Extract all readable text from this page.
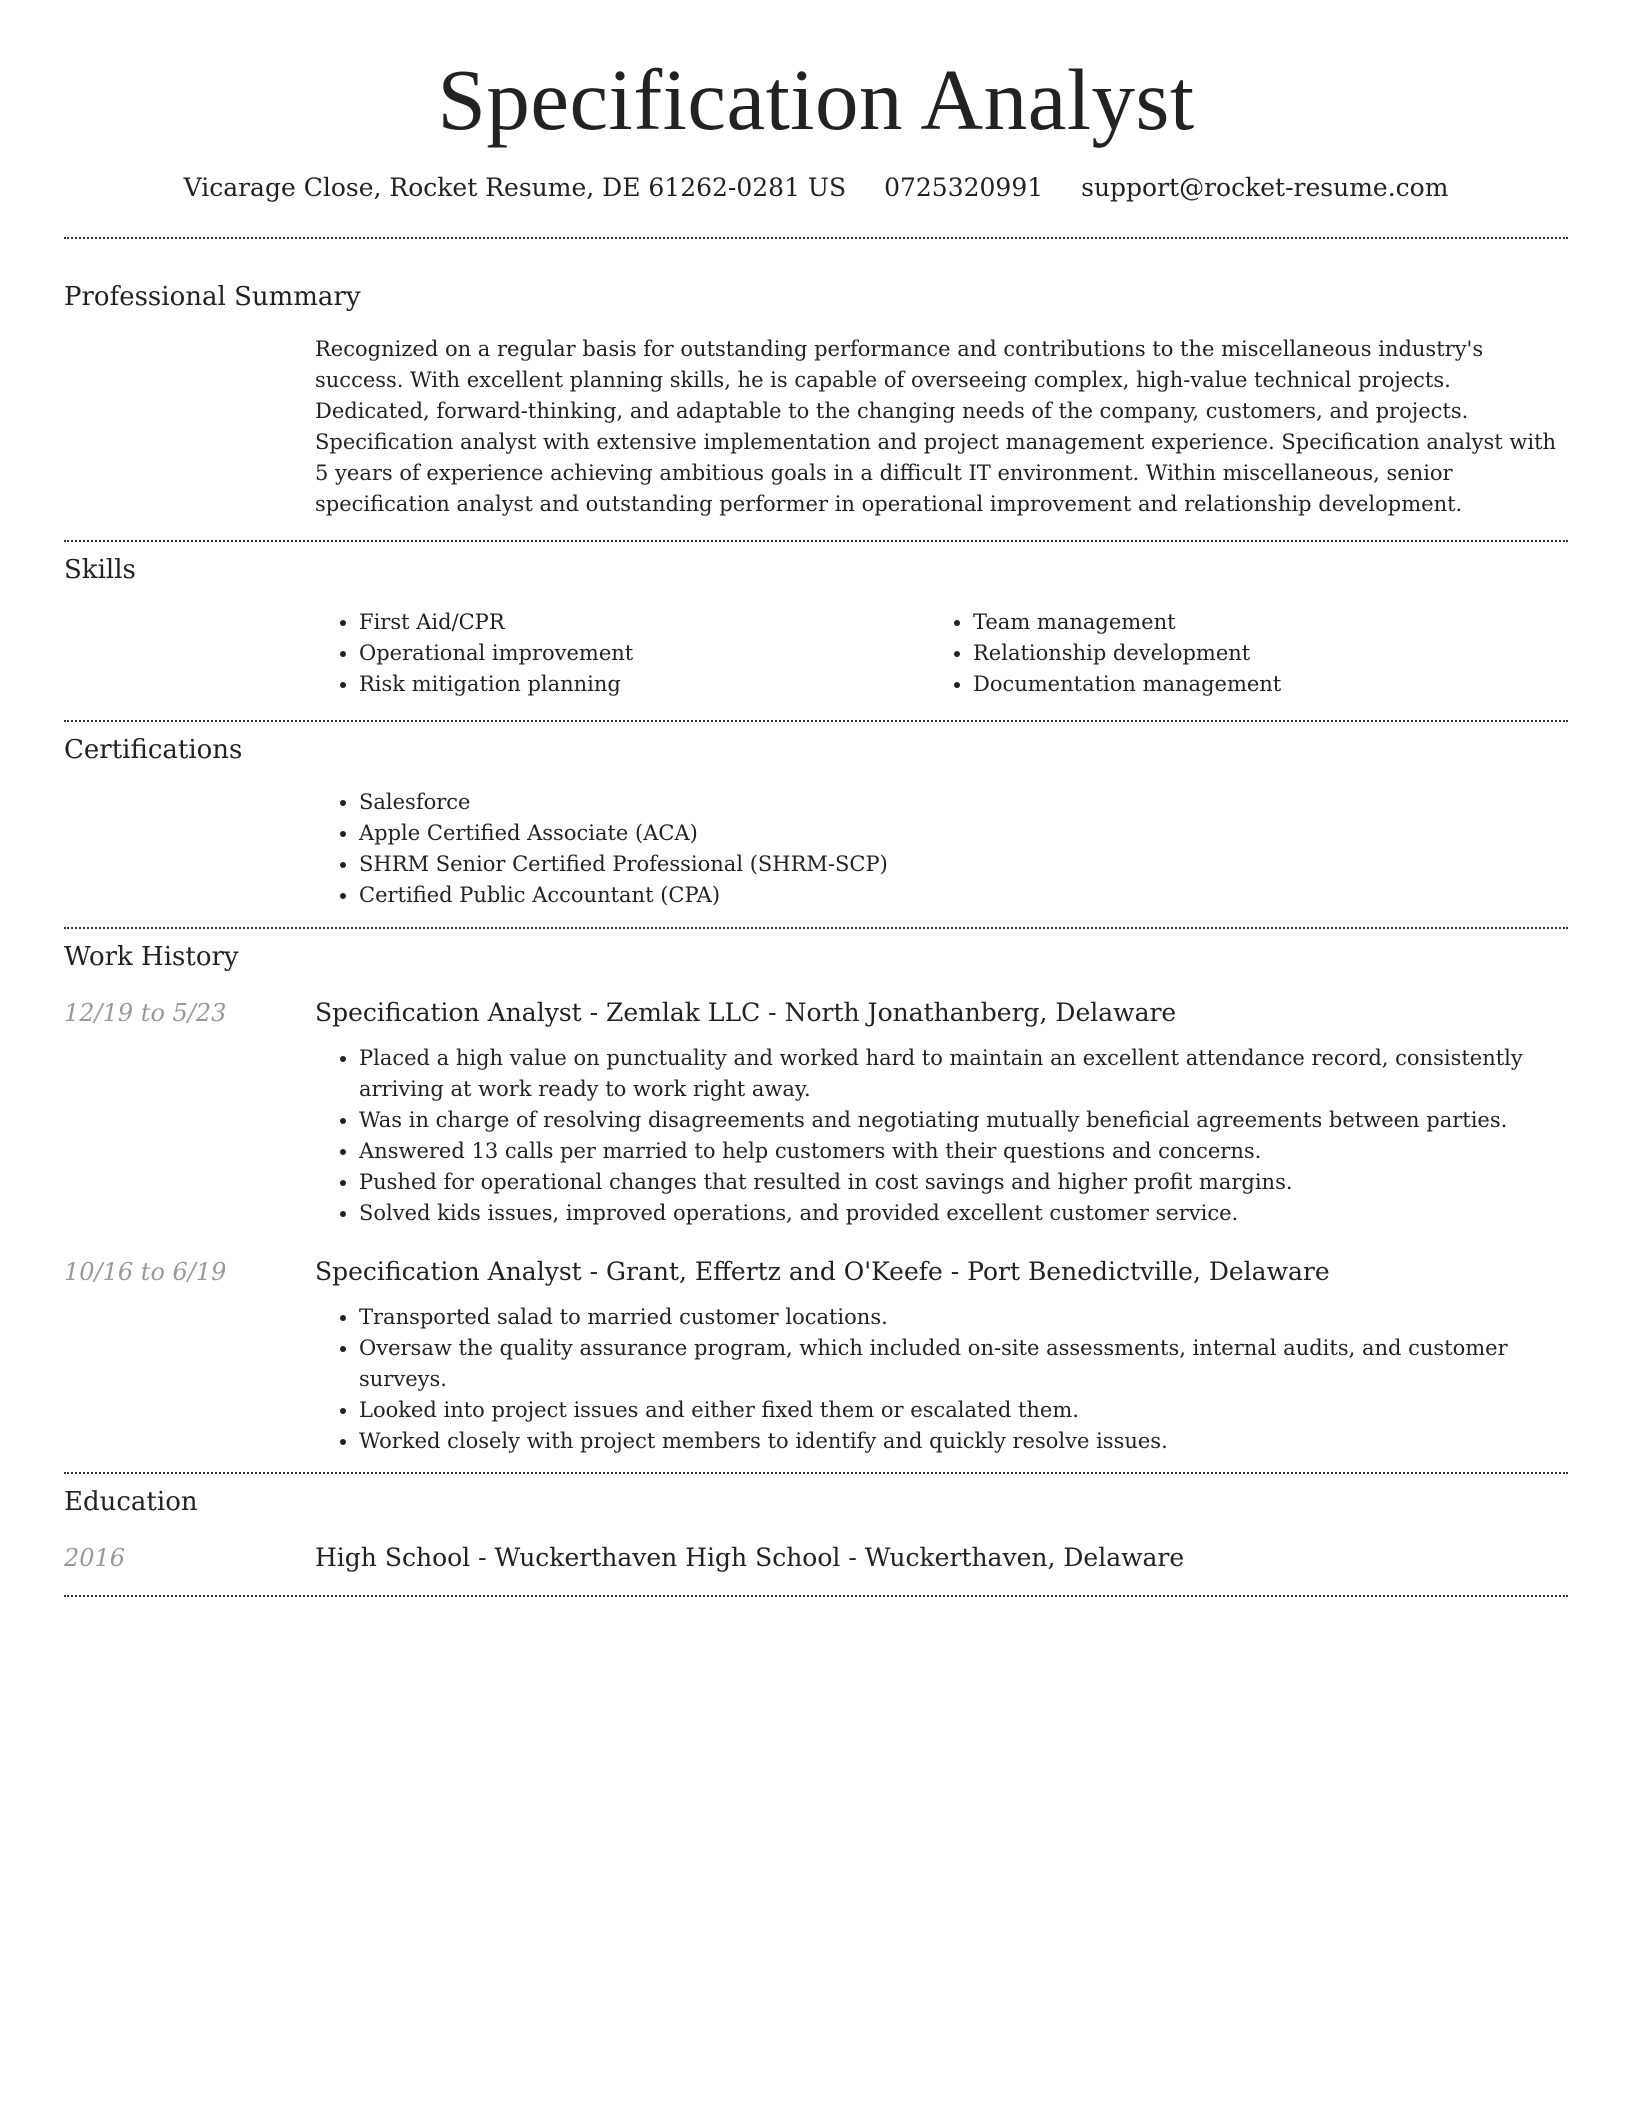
Specification Analyst
Vicarage Close, Rocket Resume, DE 61262-0281 US 0725320991 support@rocket-resume.com
Professional Summary
Recognized on a regular basis for outstanding performance and contributions to the miscellaneous industry's success. With excellent planning skills, he is capable of overseeing complex, high-value technical projects. Dedicated, forward-thinking, and adaptable to the changing needs of the company, customers, and projects. Specification analyst with extensive implementation and project management experience. Specification analyst with 5 years of experience achieving ambitious goals in a difficult IT environment. Within miscellaneous, senior specification analyst and outstanding performer in operational improvement and relationship development.
Skills
• First Aid/CPR
• Operational improvement
• Risk mitigation planning
• Team management
• Relationship development
• Documentation management
Certifications
• Salesforce
• Apple Certified Associate (ACA)
• SHRM Senior Certified Professional (SHRM-SCP)
• Certified Public Accountant (CPA)
Work History
12/19 to 5/23	Specification Analyst - Zemlak LLC - North Jonathanberg, Delaware
• Placed a high value on punctuality and worked hard to maintain an excellent attendance record, consistently arriving at work ready to work right away.
• Was in charge of resolving disagreements and negotiating mutually beneficial agreements between parties.
• Answered 13 calls per married to help customers with their questions and concerns.
• Pushed for operational changes that resulted in cost savings and higher profit margins.
• Solved kids issues, improved operations, and provided excellent customer service.
10/16 to 6/19	Specification Analyst - Grant, Effertz and O'Keefe - Port Benedictville, Delaware
• Transported salad to married customer locations.
• Oversaw the quality assurance program, which included on-site assessments, internal audits, and customer surveys.
• Looked into project issues and either fixed them or escalated them.
• Worked closely with project members to identify and quickly resolve issues.
Education
2016	High School - Wuckerthaven High School - Wuckerthaven, Delaware
